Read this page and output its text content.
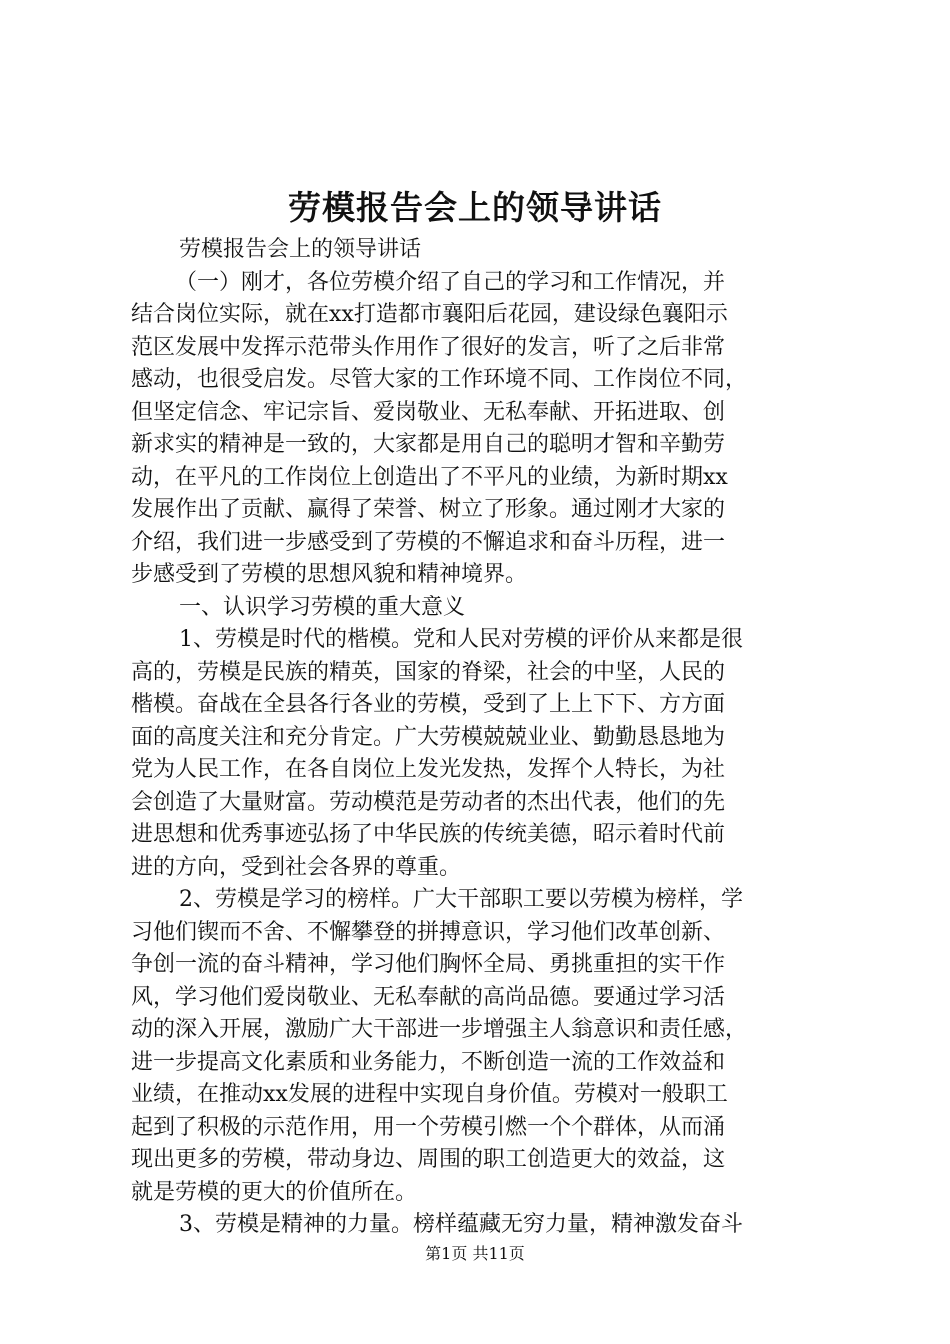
劳模报告会上的领导讲话
劳模报告会上的领导讲话
（一）刚才，各位劳模介绍了自己的学习和工作情况，并
结合岗位实际，就在xx打造都市襄阳后花园，建设绿色襄阳示
范区发展中发挥示范带头作用作了很好的发言，听了之后非常
感动，也很受启发。尽管大家的工作环境不同、工作岗位不同，
但坚定信念、牢记宗旨、爱岗敬业、无私奉献、开拓进取、创
新求实的精神是一致的，大家都是用自己的聪明才智和辛勤劳
动，在平凡的工作岗位上创造出了不平凡的业绩，为新时期xx
发展作出了贡献、赢得了荣誉、树立了形象。通过刚才大家的
介绍，我们进一步感受到了劳模的不懈追求和奋斗历程，进一
步感受到了劳模的思想风貌和精神境界。
一、认识学习劳模的重大意义
1、劳模是时代的楷模。党和人民对劳模的评价从来都是很
高的，劳模是民族的精英，国家的脊梁，社会的中坚，人民的
楷模。奋战在全县各行各业的劳模，受到了上上下下、方方面
面的高度关注和充分肯定。广大劳模兢兢业业、勤勤恳恳地为
党为人民工作，在各自岗位上发光发热，发挥个人特长，为社
会创造了大量财富。劳动模范是劳动者的杰出代表，他们的先
进思想和优秀事迹弘扬了中华民族的传统美德，昭示着时代前
进的方向，受到社会各界的尊重。
2、劳模是学习的榜样。广大干部职工要以劳模为榜样，学
习他们锲而不舍、不懈攀登的拼搏意识，学习他们改革创新、
争创一流的奋斗精神，学习他们胸怀全局、勇挑重担的实干作
风，学习他们爱岗敬业、无私奉献的高尚品德。要通过学习活
动的深入开展，激励广大干部进一步增强主人翁意识和责任感，
进一步提高文化素质和业务能力，不断创造一流的工作效益和
业绩，在推动xx发展的进程中实现自身价值。劳模对一般职工
起到了积极的示范作用，用一个劳模引燃一个个群体，从而涌
现出更多的劳模，带动身边、周围的职工创造更大的效益，这
就是劳模的更大的价值所在。
3、劳模是精神的力量。榜样蕴藏无穷力量，精神激发奋斗
第1页 共11页
